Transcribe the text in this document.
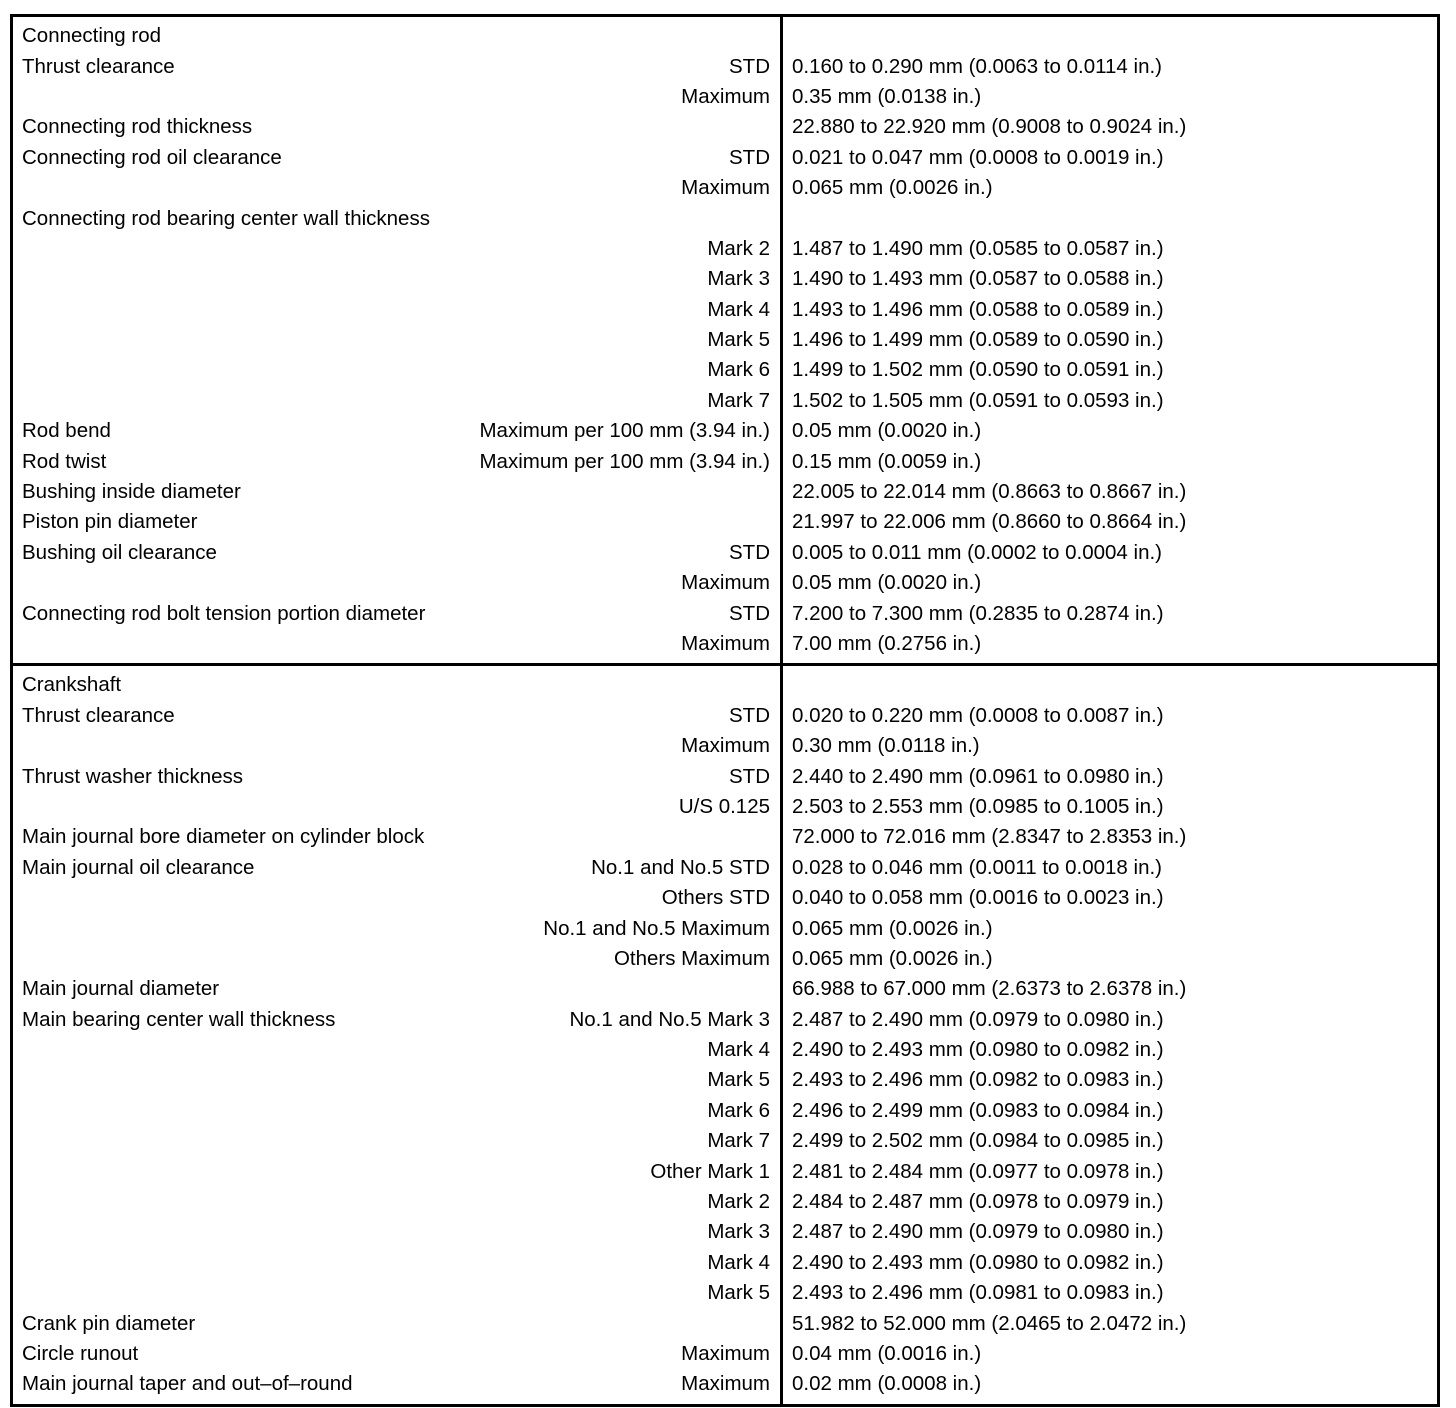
Connecting rod
Thrust clearance	STD	0.160 to 0.290 mm (0.0063 to 0.0114 in.)
Maximum	0.35 mm (0.0138 in.)
Connecting rod thickness	22.880 to 22.920 mm (0.9008 to 0.9024 in.)
Connecting rod oil clearance	STD	0.021 to 0.047 mm (0.0008 to 0.0019 in.)
Maximum	0.065 mm (0.0026 in.)
Connecting rod bearing center wall thickness
Mark 2	1.487 to 1.490 mm (0.0585 to 0.0587 in.)
Mark 3	1.490 to 1.493 mm (0.0587 to 0.0588 in.)
Mark 4	1.493 to 1.496 mm (0.0588 to 0.0589 in.)
Mark 5	1.496 to 1.499 mm (0.0589 to 0.0590 in.)
Mark 6	1.499 to 1.502 mm (0.0590 to 0.0591 in.)
Mark 7	1.502 to 1.505 mm (0.0591 to 0.0593 in.)
Rod bend	Maximum per 100 mm (3.94 in.)	0.05 mm (0.0020 in.)
Rod twist	Maximum per 100 mm (3.94 in.)	0.15 mm (0.0059 in.)
Bushing inside diameter	22.005 to 22.014 mm (0.8663 to 0.8667 in.)
Piston pin diameter	21.997 to 22.006 mm (0.8660 to 0.8664 in.)
Bushing oil clearance	STD	0.005 to 0.011 mm (0.0002 to 0.0004 in.)
Maximum	0.05 mm (0.0020 in.)
Connecting rod bolt tension portion diameter	STD	7.200 to 7.300 mm (0.2835 to 0.2874 in.)
Maximum	7.00 mm (0.2756 in.)
Crankshaft
Thrust clearance	STD	0.020 to 0.220 mm (0.0008 to 0.0087 in.)
Maximum	0.30 mm (0.0118 in.)
Thrust washer thickness	STD	2.440 to 2.490 mm (0.0961 to 0.0980 in.)
U/S 0.125	2.503 to 2.553 mm (0.0985 to 0.1005 in.)
Main journal bore diameter on cylinder block	72.000 to 72.016 mm (2.8347 to 2.8353 in.)
Main journal oil clearance	No.1 and No.5 STD	0.028 to 0.046 mm (0.0011 to 0.0018 in.)
Others STD	0.040 to 0.058 mm (0.0016 to 0.0023 in.)
No.1 and No.5 Maximum	0.065 mm (0.0026 in.)
Others Maximum	0.065 mm (0.0026 in.)
Main journal diameter	66.988 to 67.000 mm (2.6373 to 2.6378 in.)
Main bearing center wall thickness	No.1 and No.5 Mark 3	2.487 to 2.490 mm (0.0979 to 0.0980 in.)
Mark 4	2.490 to 2.493 mm (0.0980 to 0.0982 in.)
Mark 5	2.493 to 2.496 mm (0.0982 to 0.0983 in.)
Mark 6	2.496 to 2.499 mm (0.0983 to 0.0984 in.)
Mark 7	2.499 to 2.502 mm (0.0984 to 0.0985 in.)
Other Mark 1	2.481 to 2.484 mm (0.0977 to 0.0978 in.)
Mark 2	2.484 to 2.487 mm (0.0978 to 0.0979 in.)
Mark 3	2.487 to 2.490 mm (0.0979 to 0.0980 in.)
Mark 4	2.490 to 2.493 mm (0.0980 to 0.0982 in.)
Mark 5	2.493 to 2.496 mm (0.0981 to 0.0983 in.)
Crank pin diameter	51.982 to 52.000 mm (2.0465 to 2.0472 in.)
Circle runout	Maximum	0.04 mm (0.0016 in.)
Main journal taper and out–of–round	Maximum	0.02 mm (0.0008 in.)
